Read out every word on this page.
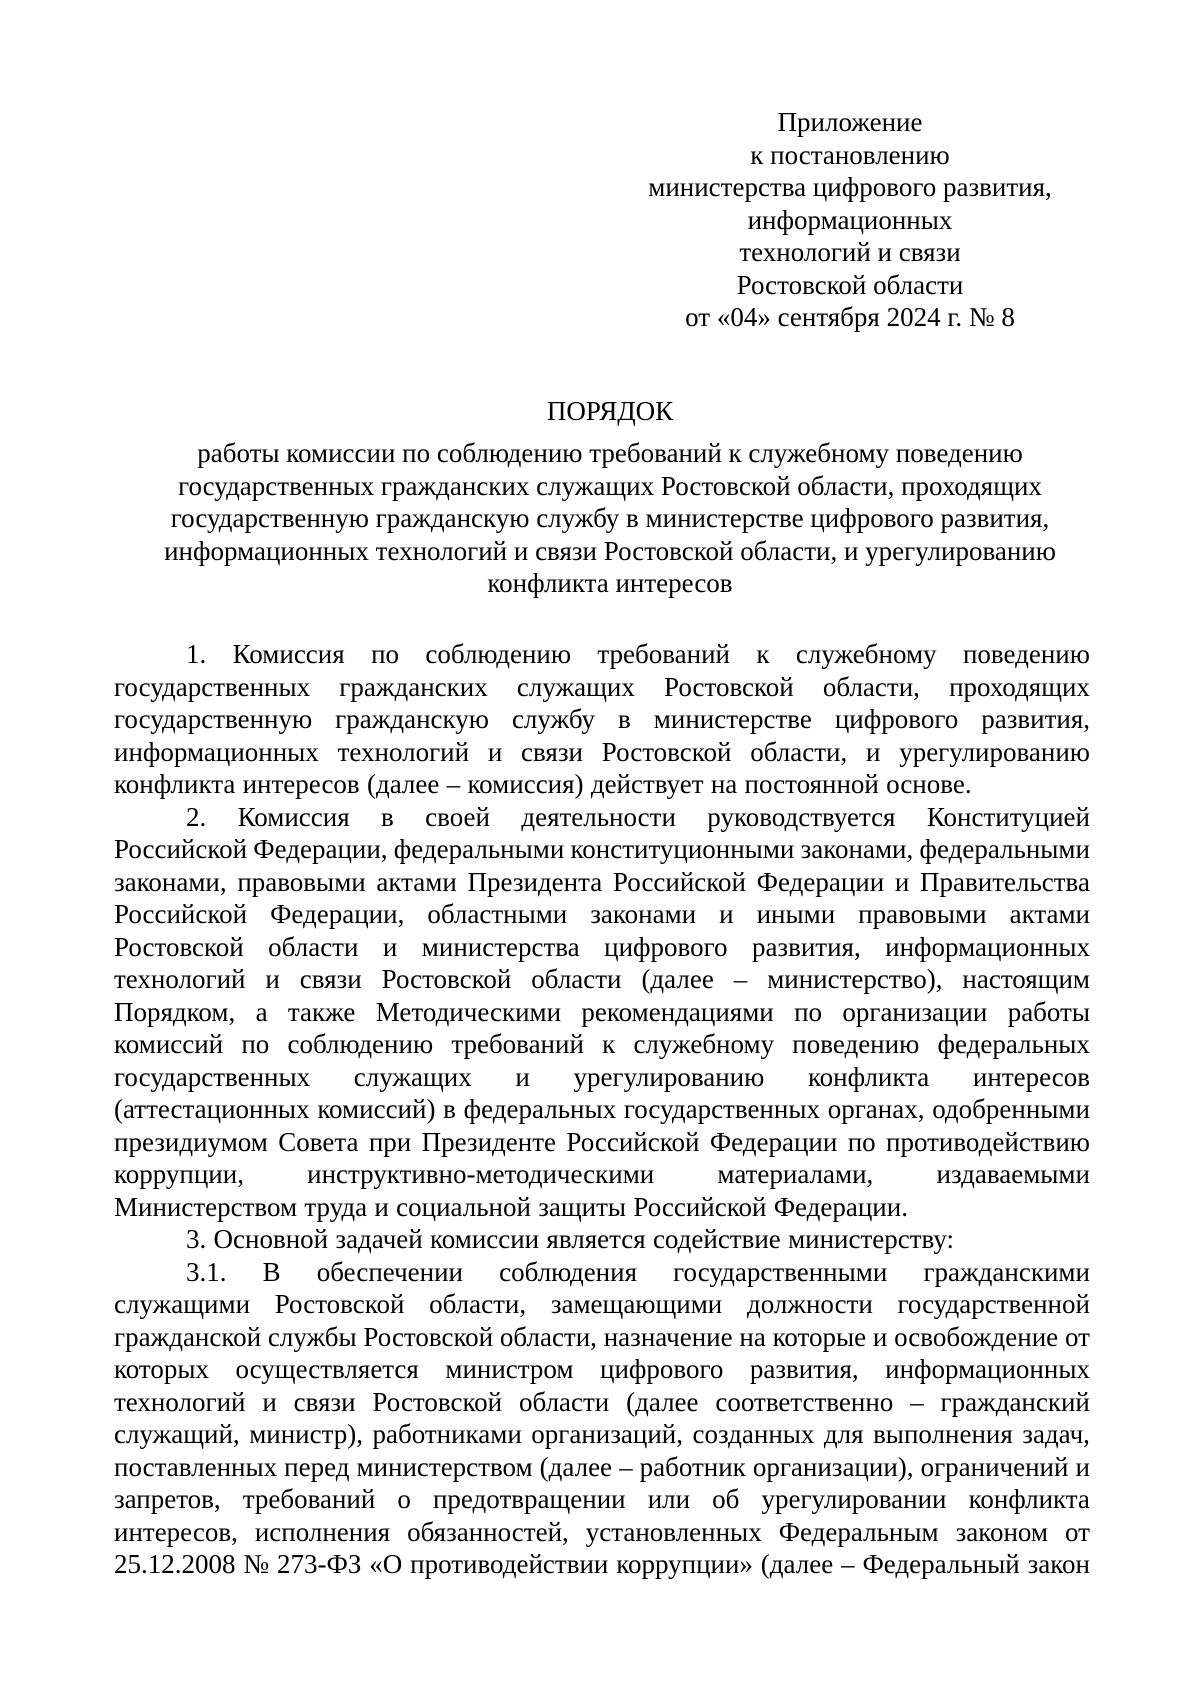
Приложение
к постановлению
министерства цифрового развития,
информационных
технологий и связи
Ростовской области
от «04» сентября 2024 г. № 8
ПОРЯДОК
работы комиссии по соблюдению требований к служебному поведению
государственных гражданских служащих Ростовской области, проходящих
государственную гражданскую службу в министерстве цифрового развития,
информационных технологий и связи Ростовской области, и урегулированию
конфликта интересов
1. Комиссия по соблюдению требований к служебному поведению
государственных гражданских служащих Ростовской области, проходящих
государственную гражданскую службу в министерстве цифрового развития,
информационных технологий и связи Ростовской области, и урегулированию
конфликта интересов (далее – комиссия) действует на постоянной основе.
2. Комиссия в своей деятельности руководствуется Конституцией
Российской Федерации, федеральными конституционными законами, федеральными
законами, правовыми актами Президента Российской Федерации и Правительства
Российской Федерации, областными законами и иными правовыми актами
Ростовской области и министерства цифрового развития, информационных
технологий и связи Ростовской области (далее – министерство), настоящим
Порядком, а также Методическими рекомендациями по организации работы
комиссий по соблюдению требований к служебному поведению федеральных
государственных служащих и урегулированию конфликта интересов
(аттестационных комиссий) в федеральных государственных органах, одобренными
президиумом Совета при Президенте Российской Федерации по противодействию
коррупции, инструктивно-методическими материалами, издаваемыми
Министерством труда и социальной защиты Российской Федерации.
3. Основной задачей комиссии является содействие министерству:
3.1. В обеспечении соблюдения государственными гражданскими
служащими Ростовской области, замещающими должности государственной
гражданской службы Ростовской области, назначение на которые и освобождение от
которых осуществляется министром цифрового развития, информационных
технологий и связи Ростовской области (далее соответственно – гражданский
служащий, министр), работниками организаций, созданных для выполнения задач,
поставленных перед министерством (далее – работник организации), ограничений и
запретов, требований о предотвращении или об урегулировании конфликта
интересов, исполнения обязанностей, установленных Федеральным законом от
25.12.2008 № 273-ФЗ «О противодействии коррупции» (далее – Федеральный закон
